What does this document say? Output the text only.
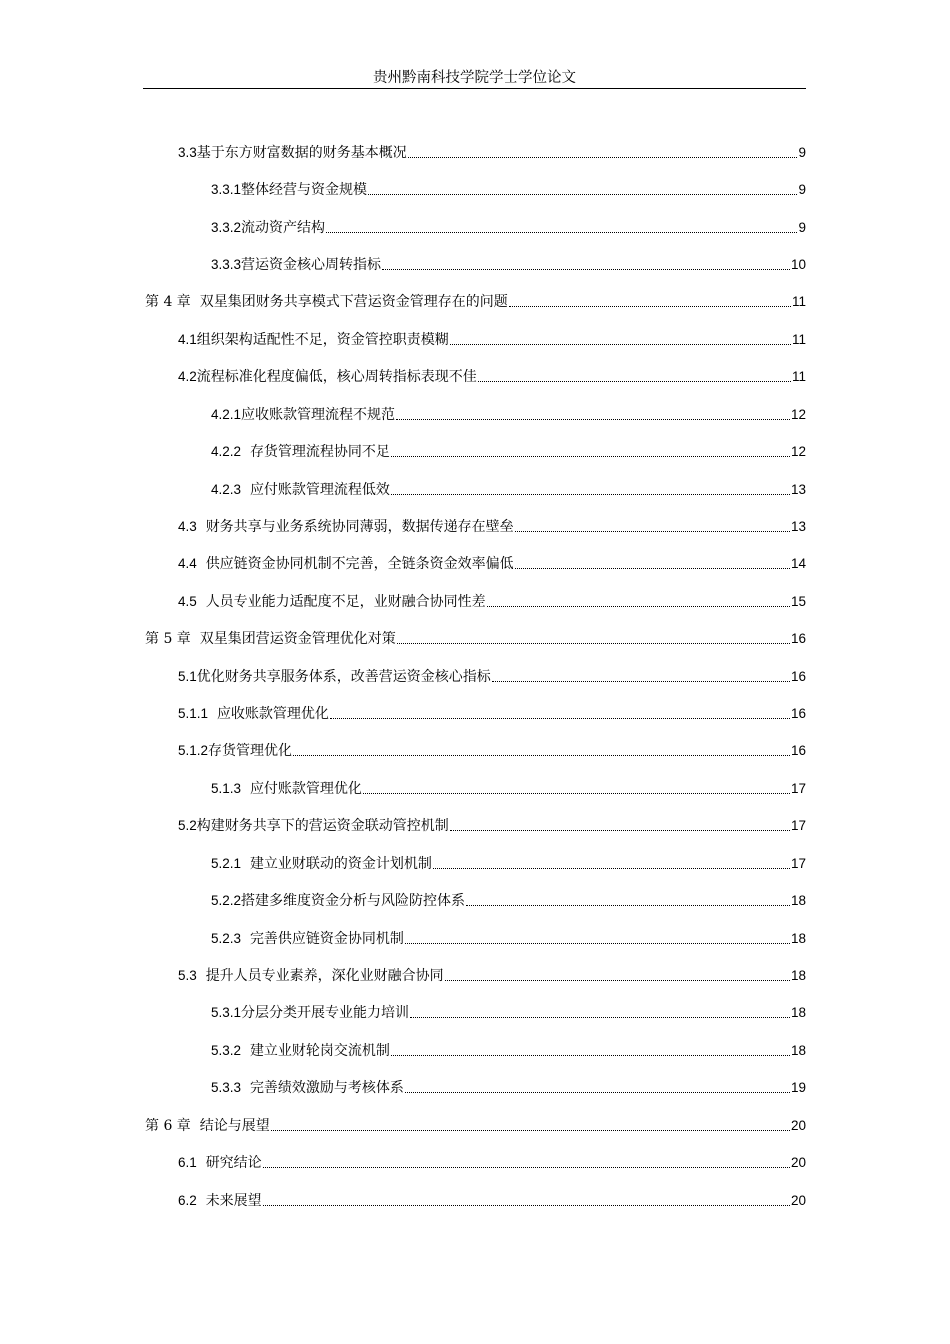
贵州黔南科技学院学士学位论文
3.3基于东方财富数据的财务基本概况	9
3.3.1整体经营与资金规模	9
3.3.2流动资产结构	9
3.3.3营运资金核心周转指标	10
第 4 章 双星集团财务共享模式下营运资金管理存在的问题	11
4.1组织架构适配性不足，资金管控职责模糊	11
4.2流程标准化程度偏低，核心周转指标表现不佳	11
4.2.1应收账款管理流程不规范	12
4.2.2 存货管理流程协同不足	12
4.2.3 应付账款管理流程低效	13
4.3 财务共享与业务系统协同薄弱，数据传递存在壁垒	13
4.4 供应链资金协同机制不完善，全链条资金效率偏低	14
4.5 人员专业能力适配度不足，业财融合协同性差	15
第 5 章 双星集团营运资金管理优化对策	16
5.1优化财务共享服务体系，改善营运资金核心指标	16
5.1.1 应收账款管理优化	16
5.1.2存货管理优化	16
5.1.3 应付账款管理优化	17
5.2构建财务共享下的营运资金联动管控机制	17
5.2.1 建立业财联动的资金计划机制	17
5.2.2搭建多维度资金分析与风险防控体系	18
5.2.3 完善供应链资金协同机制	18
5.3 提升人员专业素养，深化业财融合协同	18
5.3.1分层分类开展专业能力培训	18
5.3.2 建立业财轮岗交流机制	18
5.3.3 完善绩效激励与考核体系	19
第 6 章 结论与展望	20
6.1 研究结论	20
6.2 未来展望	20
